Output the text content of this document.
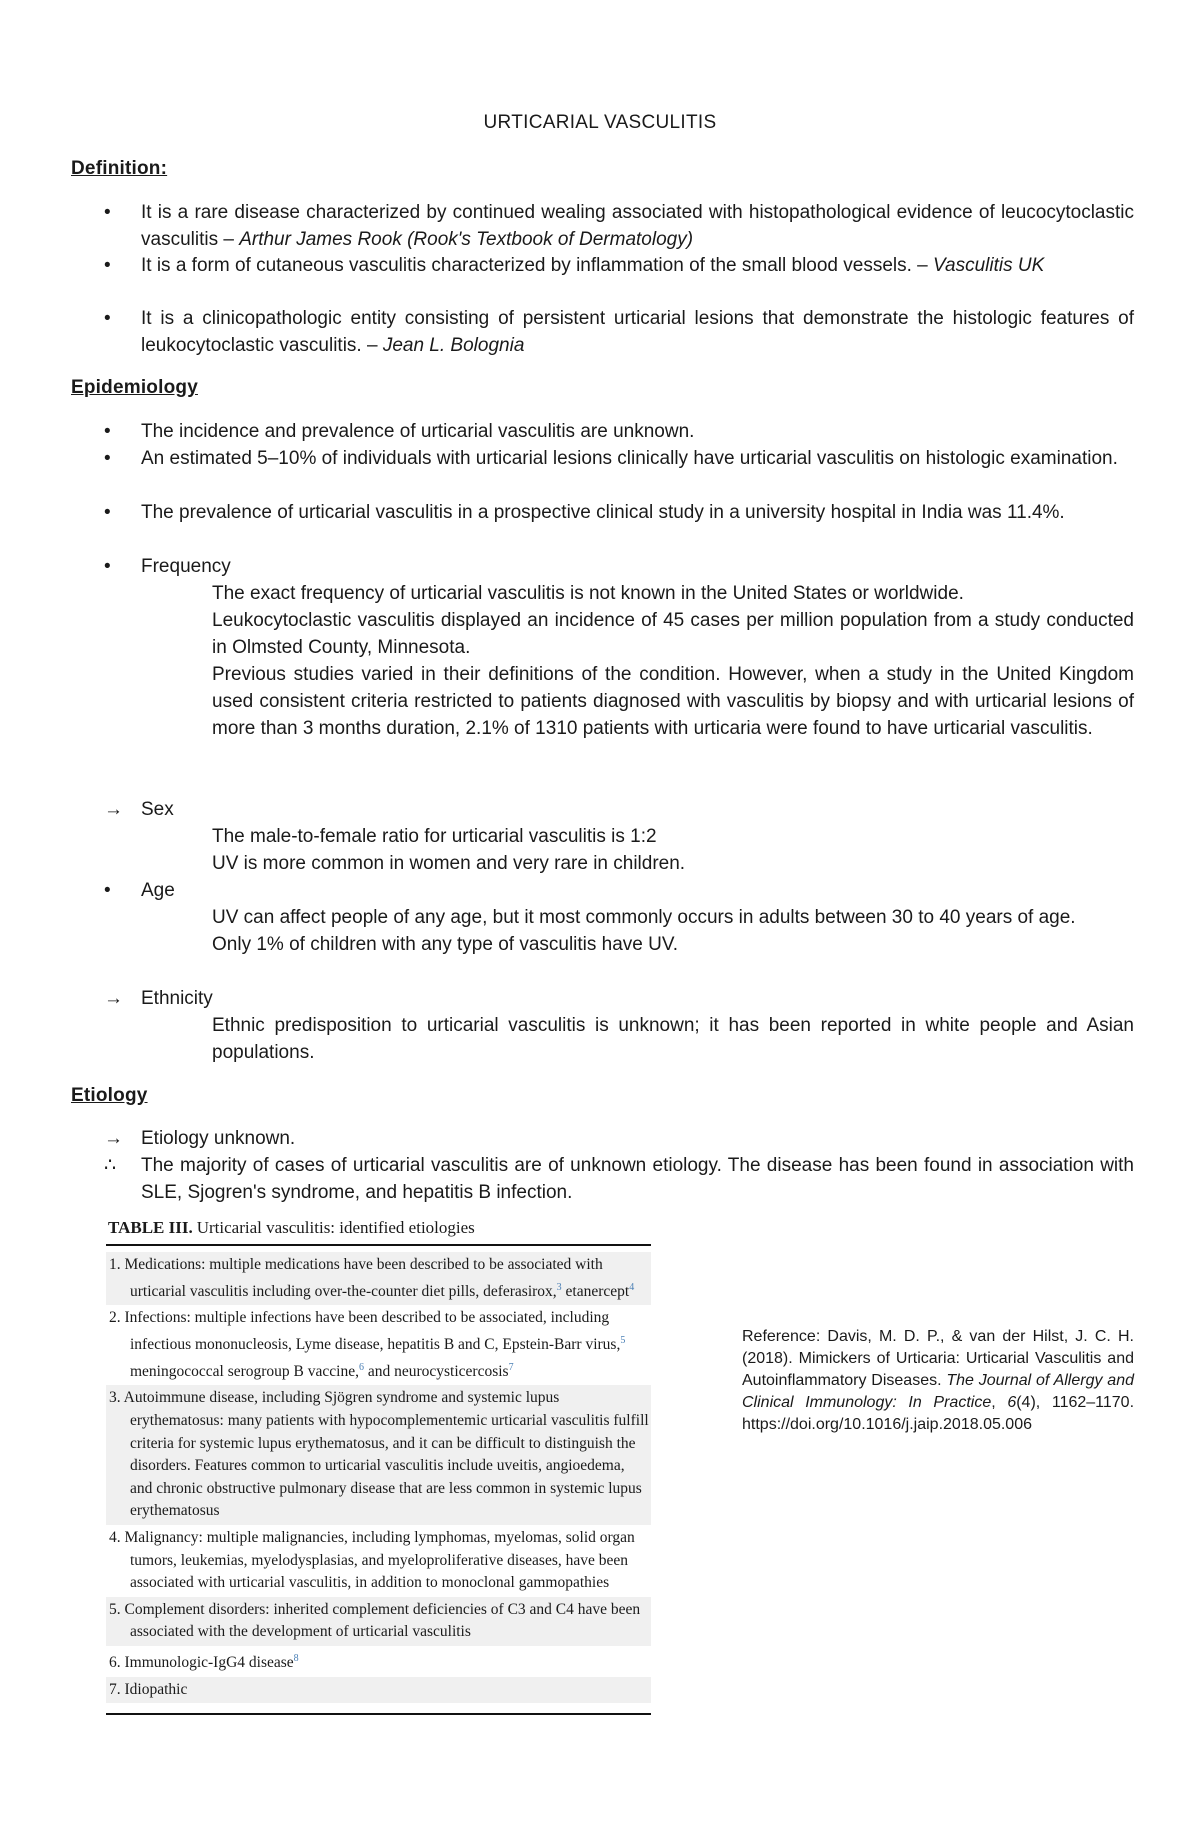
URTICARIAL VASCULITIS
Definition:
• It is a rare disease characterized by continued wealing associated with histopathological evidence of leucocytoclastic vasculitis – Arthur James Rook (Rook's Textbook of Dermatology)
• It is a form of cutaneous vasculitis characterized by inflammation of the small blood vessels. – Vasculitis UK
• It is a clinicopathologic entity consisting of persistent urticarial lesions that demonstrate the histologic features of leukocytoclastic vasculitis. – Jean L. Bolognia
Epidemiology
• The incidence and prevalence of urticarial vasculitis are unknown.
• An estimated 5–10% of individuals with urticarial lesions clinically have urticarial vasculitis on histologic examination.
• The prevalence of urticarial vasculitis in a prospective clinical study in a university hospital in India was 11.4%.
• Frequency

The exact frequency of urticarial vasculitis is not known in the United States or worldwide.

Leukocytoclastic vasculitis displayed an incidence of 45 cases per million population from a study conducted in Olmsted County, Minnesota.

Previous studies varied in their definitions of the condition. However, when a study in the United Kingdom used consistent criteria restricted to patients diagnosed with vasculitis by biopsy and with urticarial lesions of more than 3 months duration, 2.1% of 1310 patients with urticaria were found to have urticarial vasculitis.

→ Sex

The male-to-female ratio for urticarial vasculitis is 1:2

UV is more common in women and very rare in children.

• Age

UV can affect people of any age, but it most commonly occurs in adults between 30 to 40 years of age.

Only 1% of children with any type of vasculitis have UV.

→ Ethnicity

Ethnic predisposition to urticarial vasculitis is unknown; it has been reported in white people and Asian populations.

Etiology
→ Etiology unknown.
∴ The majority of cases of urticarial vasculitis are of unknown etiology. The disease has been found in association with SLE, Sjogren's syndrome, and hepatitis B infection.
TABLE III. Urticarial vasculitis: identified etiologies
1. Medications: multiple medications have been described to be associated with urticarial vasculitis including over-the-counter diet pills, deferasirox,$^3$ etanercept$^4$
2. Infections: multiple infections have been described to be associated, including infectious mononucleosis, Lyme disease, hepatitis B and C, Epstein-Barr virus,$^5$ meningococcal serogroup B vaccine,$^6$ and neurocysticercosis$^7$
3. Autoimmune disease, including Sjögren syndrome and systemic lupus erythematosus: many patients with hypocomplementemic urticarial vasculitis fulfill criteria for systemic lupus erythematosus, and it can be difficult to distinguish the disorders. Features common to urticarial vasculitis include uveitis, angioedema, and chronic obstructive pulmonary disease that are less common in systemic lupus erythematosus
4. Malignancy: multiple malignancies, including lymphomas, myelomas, solid organ tumors, leukemias, myelodysplasias, and myeloproliferative diseases, have been associated with urticarial vasculitis, in addition to monoclonal gammopathies
5. Complement disorders: inherited complement deficiencies of C3 and C4 have been associated with the development of urticarial vasculitis
6. Immunologic-IgG4 disease$^8$
7. Idiopathic
Reference: Davis, M. D. P., & van der Hilst, J. C. H. (2018). Mimickers of Urticaria: Urticarial Vasculitis and Autoinflammatory Diseases. The Journal of Allergy and Clinical Immunology: In Practice, 6(4), 1162–1170. https://doi.org/10.1016/j.jaip.2018.05.006
